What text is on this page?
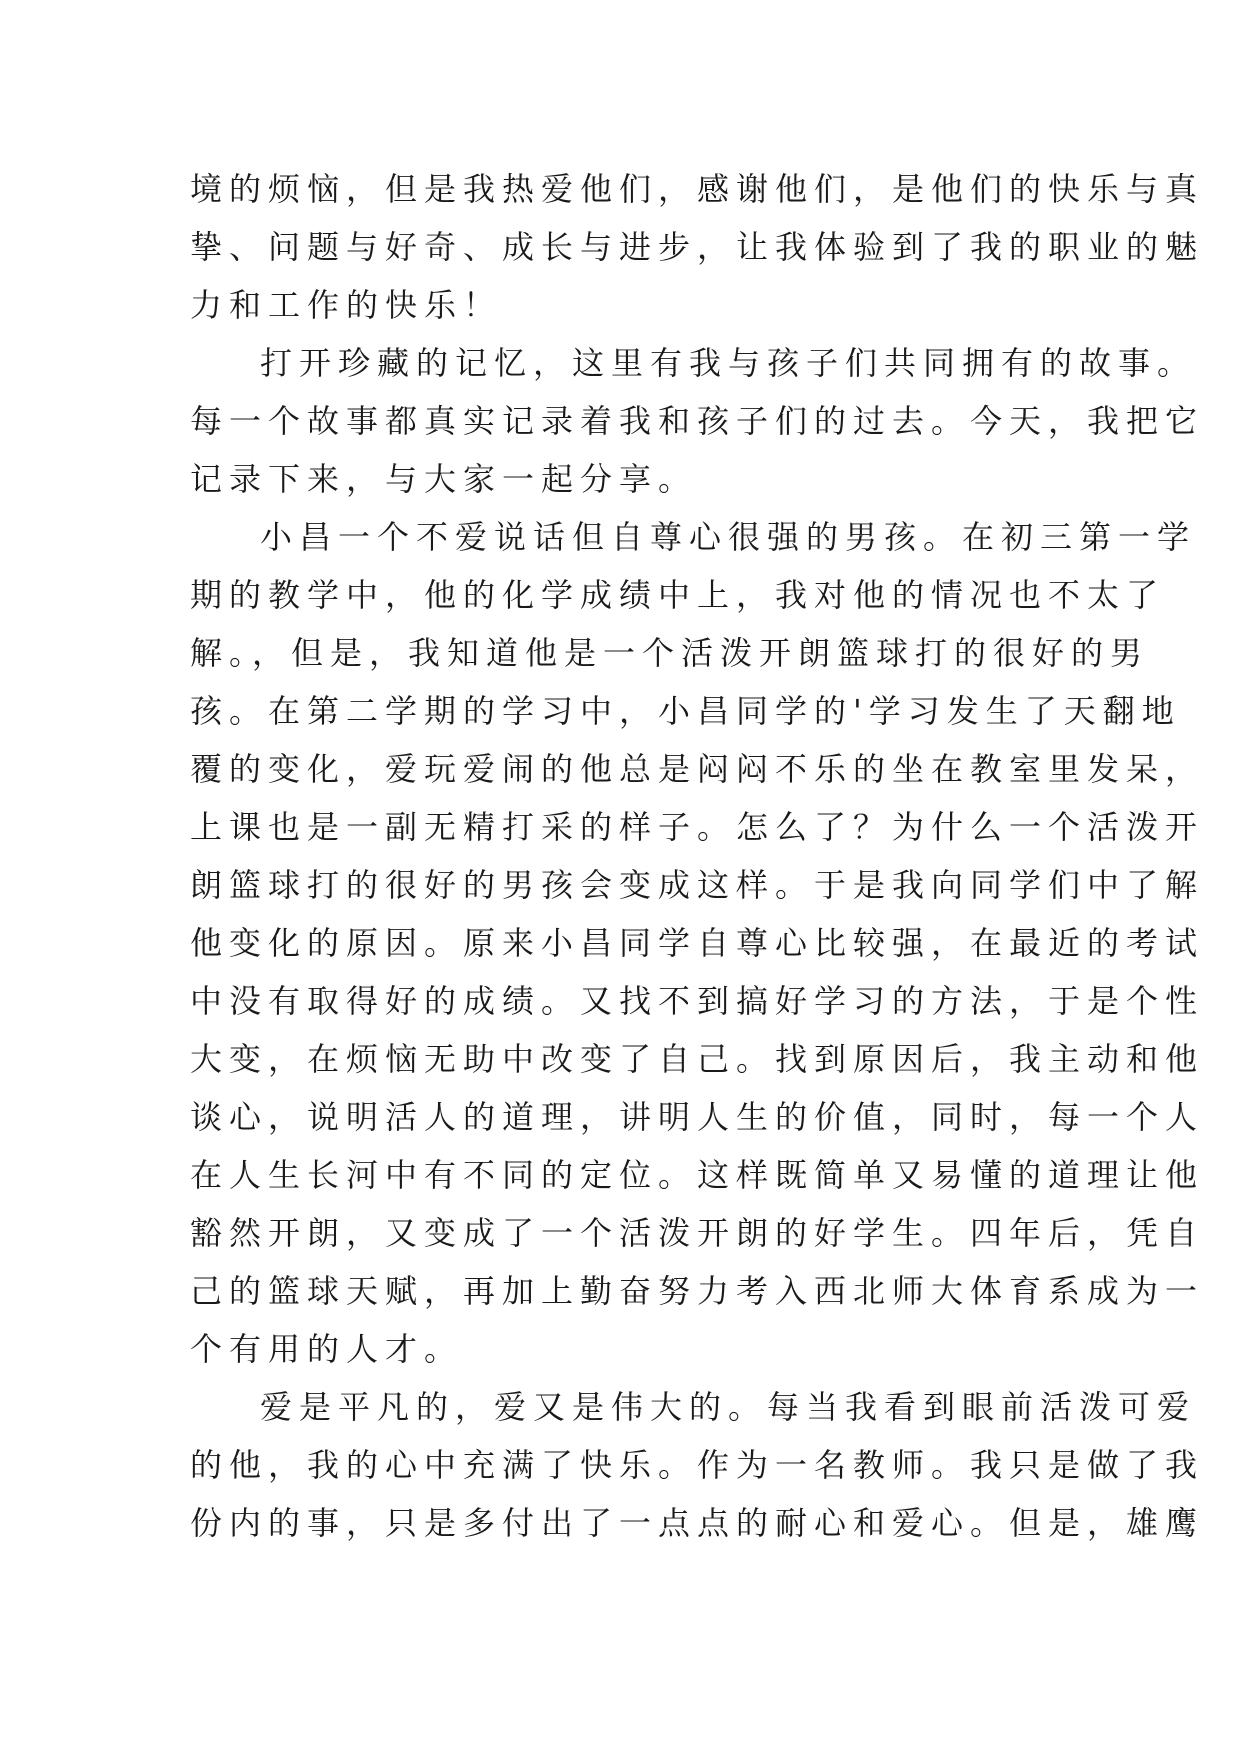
境的烦恼，但是我热爱他们，感谢他们，是他们的快乐与真
挚、问题与好奇、成长与进步，让我体验到了我的职业的魅
力和工作的快乐！

打开珍藏的记忆，这里有我与孩子们共同拥有的故事。
每一个故事都真实记录着我和孩子们的过去。今天，我把它
记录下来，与大家一起分享。

小昌一个不爱说话但自尊心很强的男孩。在初三第一学
期的教学中，他的化学成绩中上，我对他的情况也不太了
解。，但是，我知道他是一个活泼开朗篮球打的很好的男
孩。在第二学期的学习中，小昌同学的'学习发生了天翻地
覆的变化，爱玩爱闹的他总是闷闷不乐的坐在教室里发呆，
上课也是一副无精打采的样子。怎么了？为什么一个活泼开
朗篮球打的很好的男孩会变成这样。于是我向同学们中了解
他变化的原因。原来小昌同学自尊心比较强，在最近的考试
中没有取得好的成绩。又找不到搞好学习的方法，于是个性
大变，在烦恼无助中改变了自己。找到原因后，我主动和他
谈心，说明活人的道理，讲明人生的价值，同时，每一个人
在人生长河中有不同的定位。这样既简单又易懂的道理让他
豁然开朗，又变成了一个活泼开朗的好学生。四年后，凭自
己的篮球天赋，再加上勤奋努力考入西北师大体育系成为一
个有用的人才。

爱是平凡的，爱又是伟大的。每当我看到眼前活泼可爱
的他，我的心中充满了快乐。作为一名教师。我只是做了我
份内的事，只是多付出了一点点的耐心和爱心。但是，雄鹰
